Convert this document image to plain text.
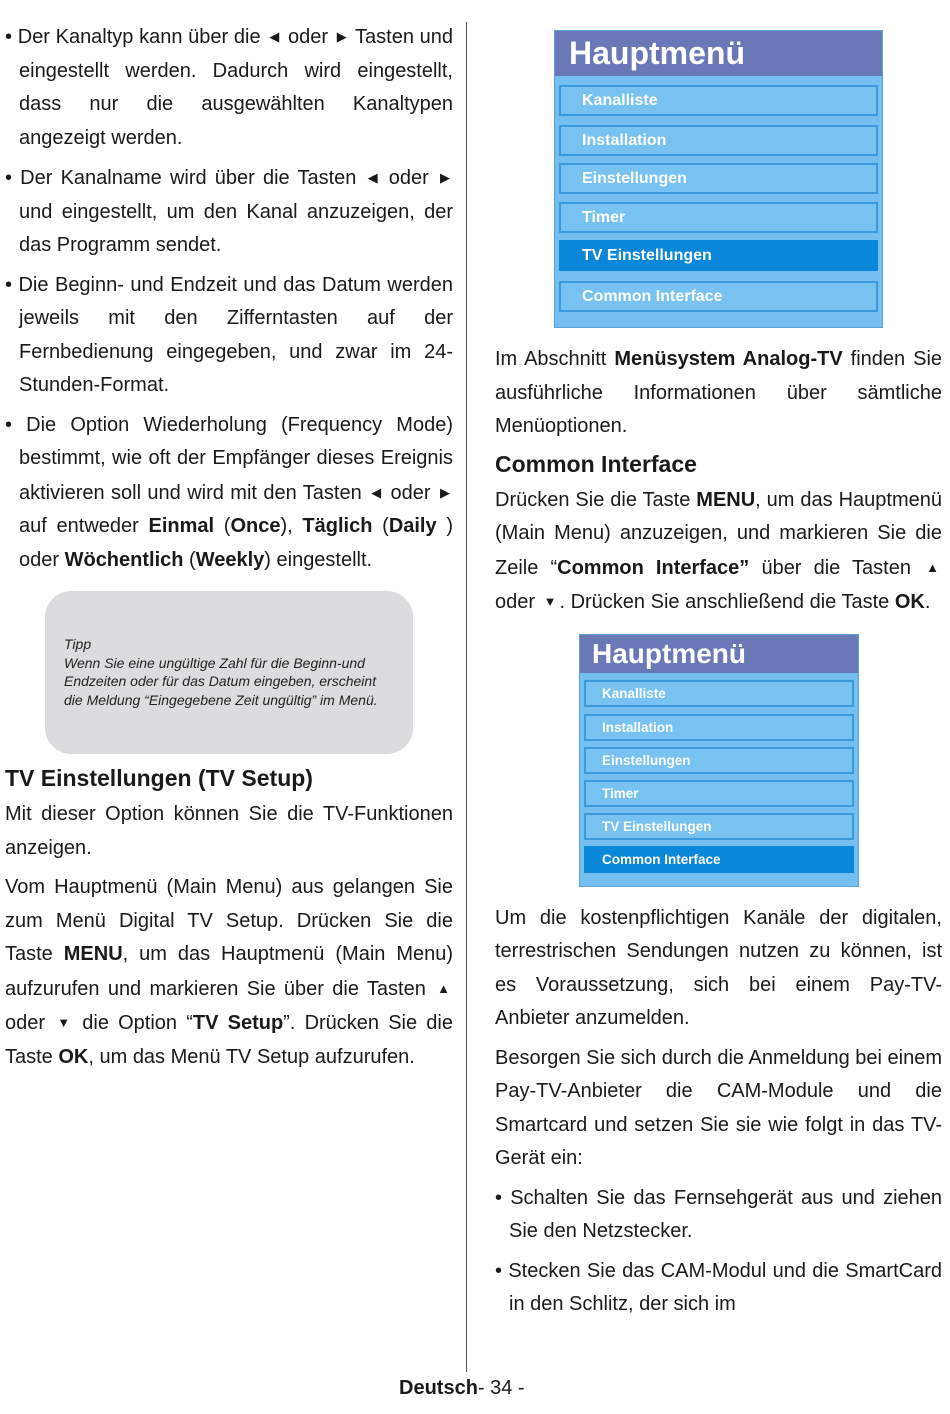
• Der Kanaltyp kann über die ◀ oder ▶ Tasten und eingestellt werden. Dadurch wird eingestellt, dass nur die ausgewählten Kanaltypen angezeigt werden.
• Der Kanalname wird über die Tasten ◀ oder ▶ und eingestellt, um den Kanal anzuzeigen, der das Programm sendet.
• Die Beginn- und Endzeit und das Datum werden jeweils mit den Zifferntasten auf der Fernbedienung eingegeben, und zwar im 24-Stunden-Format.
• Die Option Wiederholung (Frequency Mode) bestimmt, wie oft der Empfänger dieses Ereignis aktivieren soll und wird mit den Tasten ◀ oder ▶ auf entweder Einmal (Once), Täglich (Daily ) oder Wöchentlich (Weekly) eingestellt.
Tipp
Wenn Sie eine ungültige Zahl für die Beginn-und Endzeiten oder für das Datum eingeben, erscheint die Meldung “Eingegebene Zeit ungültig” im Menü.
TV Einstellungen (TV Setup)
Mit dieser Option können Sie die TV-Funktionen anzeigen.
Vom Hauptmenü (Main Menu) aus gelangen Sie zum Menü Digital TV Setup. Drücken Sie die Taste MENU, um das Hauptmenü (Main Menu) aufzurufen und markieren Sie über die Tasten ▲ oder ▼ die Option “TV Setup”. Drücken Sie die Taste OK, um das Menü TV Setup aufzurufen.
Hauptmenü
Kanalliste
Installation
Einstellungen
Timer
TV Einstellungen
Common Interface
Im Abschnitt Menüsystem Analog-TV finden Sie ausführliche Informationen über sämtliche Menüoptionen.
Common Interface
Drücken Sie die Taste MENU, um das Hauptmenü (Main Menu) anzuzeigen, und markieren Sie die Zeile “Common Interface” über die Tasten ▲ oder ▼ . Drücken Sie anschließend die Taste OK.
Hauptmenü
Kanalliste
Installation
Einstellungen
Timer
TV Einstellungen
Common Interface
Um die kostenpflichtigen Kanäle der digitalen, terrestrischen Sendungen nutzen zu können, ist es Voraussetzung, sich bei einem Pay-TV-Anbieter anzumelden.
Besorgen Sie sich durch die Anmeldung bei einem Pay-TV-Anbieter die CAM-Module und die Smartcard und setzen Sie sie wie folgt in das TV-Gerät ein:
• Schalten Sie das Fernsehgerät aus und ziehen Sie den Netzstecker.
• Stecken Sie das CAM-Modul und die SmartCard in den Schlitz, der sich im
Deutsch- 34 -
